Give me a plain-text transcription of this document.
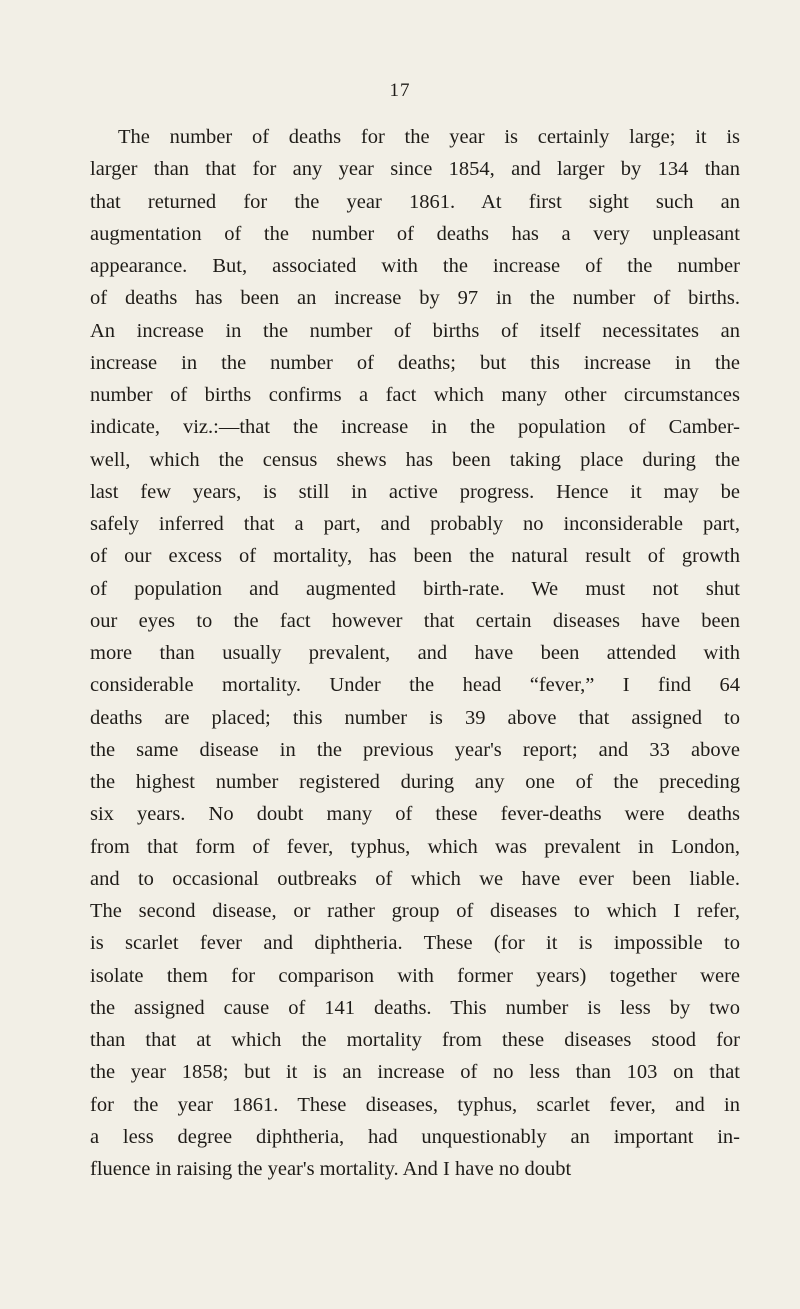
17
The number of deaths for the year is certainly large; it is
larger than that for any year since 1854, and larger by 134 than
that returned for the year 1861. At first sight such an
augmentation of the number of deaths has a very unpleasant
appearance. But, associated with the increase of the number
of deaths has been an increase by 97 in the number of births.
An increase in the number of births of itself necessitates an
increase in the number of deaths; but this increase in the
number of births confirms a fact which many other circumstances
indicate, viz.:—that the increase in the population of Camber-
well, which the census shews has been taking place during the
last few years, is still in active progress. Hence it may be
safely inferred that a part, and probably no inconsiderable part,
of our excess of mortality, has been the natural result of growth
of population and augmented birth-rate. We must not shut
our eyes to the fact however that certain diseases have been
more than usually prevalent, and have been attended with
considerable mortality. Under the head “fever,” I find 64
deaths are placed; this number is 39 above that assigned to
the same disease in the previous year's report; and 33 above
the highest number registered during any one of the preceding
six years. No doubt many of these fever-deaths were deaths
from that form of fever, typhus, which was prevalent in London,
and to occasional outbreaks of which we have ever been liable.
The second disease, or rather group of diseases to which I refer,
is scarlet fever and diphtheria. These (for it is impossible to
isolate them for comparison with former years) together were
the assigned cause of 141 deaths. This number is less by two
than that at which the mortality from these diseases stood for
the year 1858; but it is an increase of no less than 103 on that
for the year 1861. These diseases, typhus, scarlet fever, and in
a less degree diphtheria, had unquestionably an important in-
fluence in raising the year's mortality. And I have no doubt
